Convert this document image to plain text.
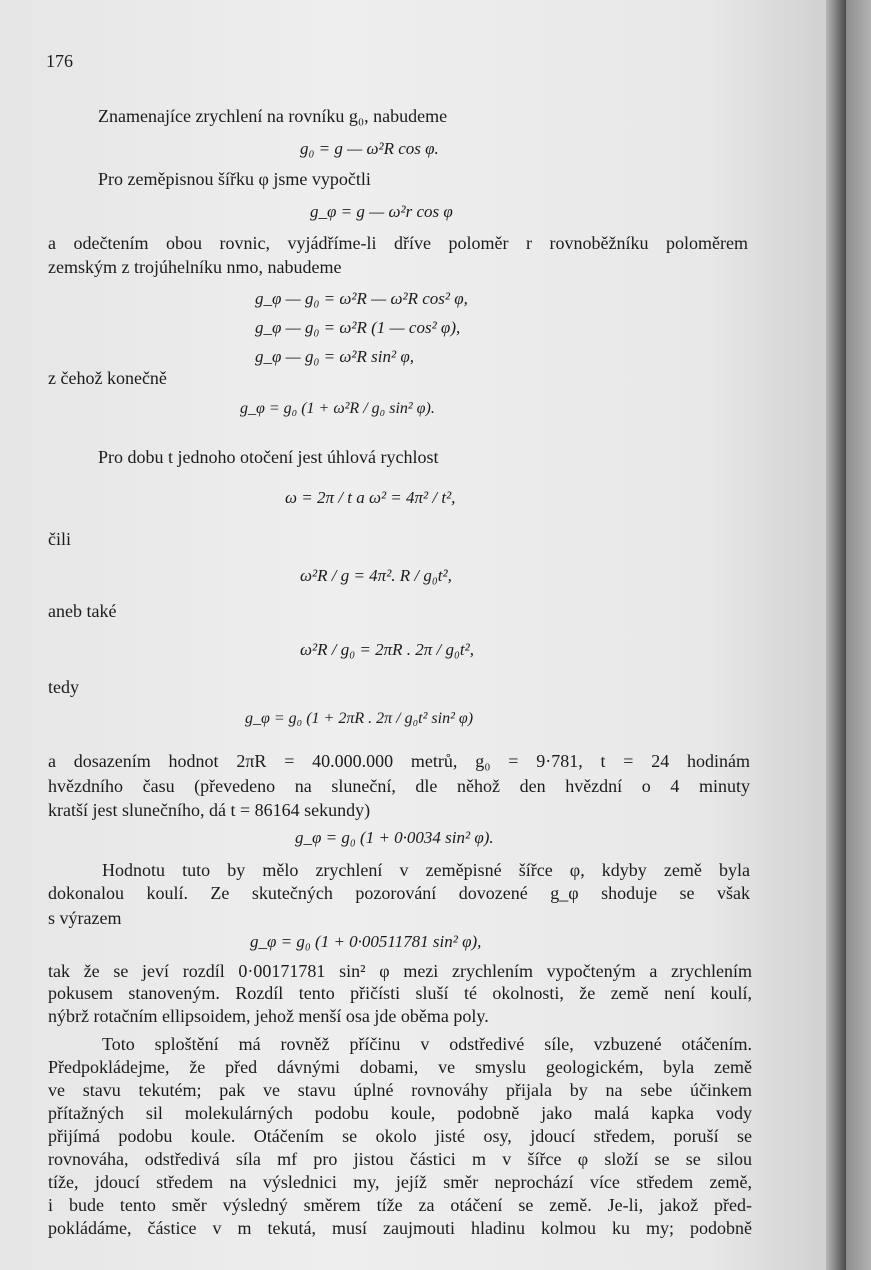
176
Znamenajíce zrychlení na rovníku g₀, nabudeme
g₀ = g — ω²R cos φ.
Pro zeměpisnou šířku φ jsme vypočtli
g_φ = g — ω²r cos φ
a odečtením obou rovnic, vyjádříme-li dříve poloměr r rovnoběžníku poloměrem
zemským z trojúhelníku nmo, nabudeme
g_φ — g₀ = ω²R — ω²R cos² φ,
g_φ — g₀ = ω²R (1 — cos² φ),
g_φ — g₀ = ω²R sin² φ,
z čehož konečně
g_φ = g₀ (1 + ω²R / g₀ sin² φ).
Pro dobu t jednoho otočení jest úhlová rychlost
ω = 2π / t a ω² = 4π² / t²,
čili
ω²R / g = 4π². R / g₀t²,
aneb také
ω²R / g₀ = 2πR . 2π / g₀t²,
tedy
g_φ = g₀ (1 + 2πR . 2π / g₀t² sin² φ)
a dosazením hodnot 2πR = 40.000.000 metrů, g₀ = 9·781, t = 24 hodinám
hvězdního času (převedeno na sluneční, dle něhož den hvězdní o 4 minuty
kratší jest slunečního, dá t = 86164 sekundy)
g_φ = g₀ (1 + 0·0034 sin² φ).
Hodnotu tuto by mělo zrychlení v zeměpisné šířce φ, kdyby země byla
dokonalou koulí. Ze skutečných pozorování dovozené g_φ shoduje se však
s výrazem
g_φ = g₀ (1 + 0·00511781 sin² φ),
tak že se jeví rozdíl 0·00171781 sin² φ mezi zrychlením vypočteným a zrychlením
pokusem stanoveným. Rozdíl tento přičísti sluší té okolnosti, že země není koulí,
nýbrž rotačním ellipsoidem, jehož menší osa jde oběma poly.
Toto sploštění má rovněž příčinu v odstředivé síle, vzbuzené otáčením.
Předpokládejme, že před dávnými dobami, ve smyslu geologickém, byla země
ve stavu tekutém; pak ve stavu úplné rovnováhy přijala by na sebe účinkem
přítažných sil molekulárných podobu koule, podobně jako malá kapka vody
přijímá podobu koule. Otáčením se okolo jisté osy, jdoucí středem, poruší se
rovnováha, odstředivá síla mf pro jistou částici m v šířce φ složí se se silou
tíže, jdoucí středem na výslednici my, jejíž směr neprochází více středem země,
i bude tento směr výsledný směrem tíže za otáčení se země. Je-li, jakož před-
pokládáme, částice v m tekutá, musí zaujmouti hladinu kolmou ku my; podobně
